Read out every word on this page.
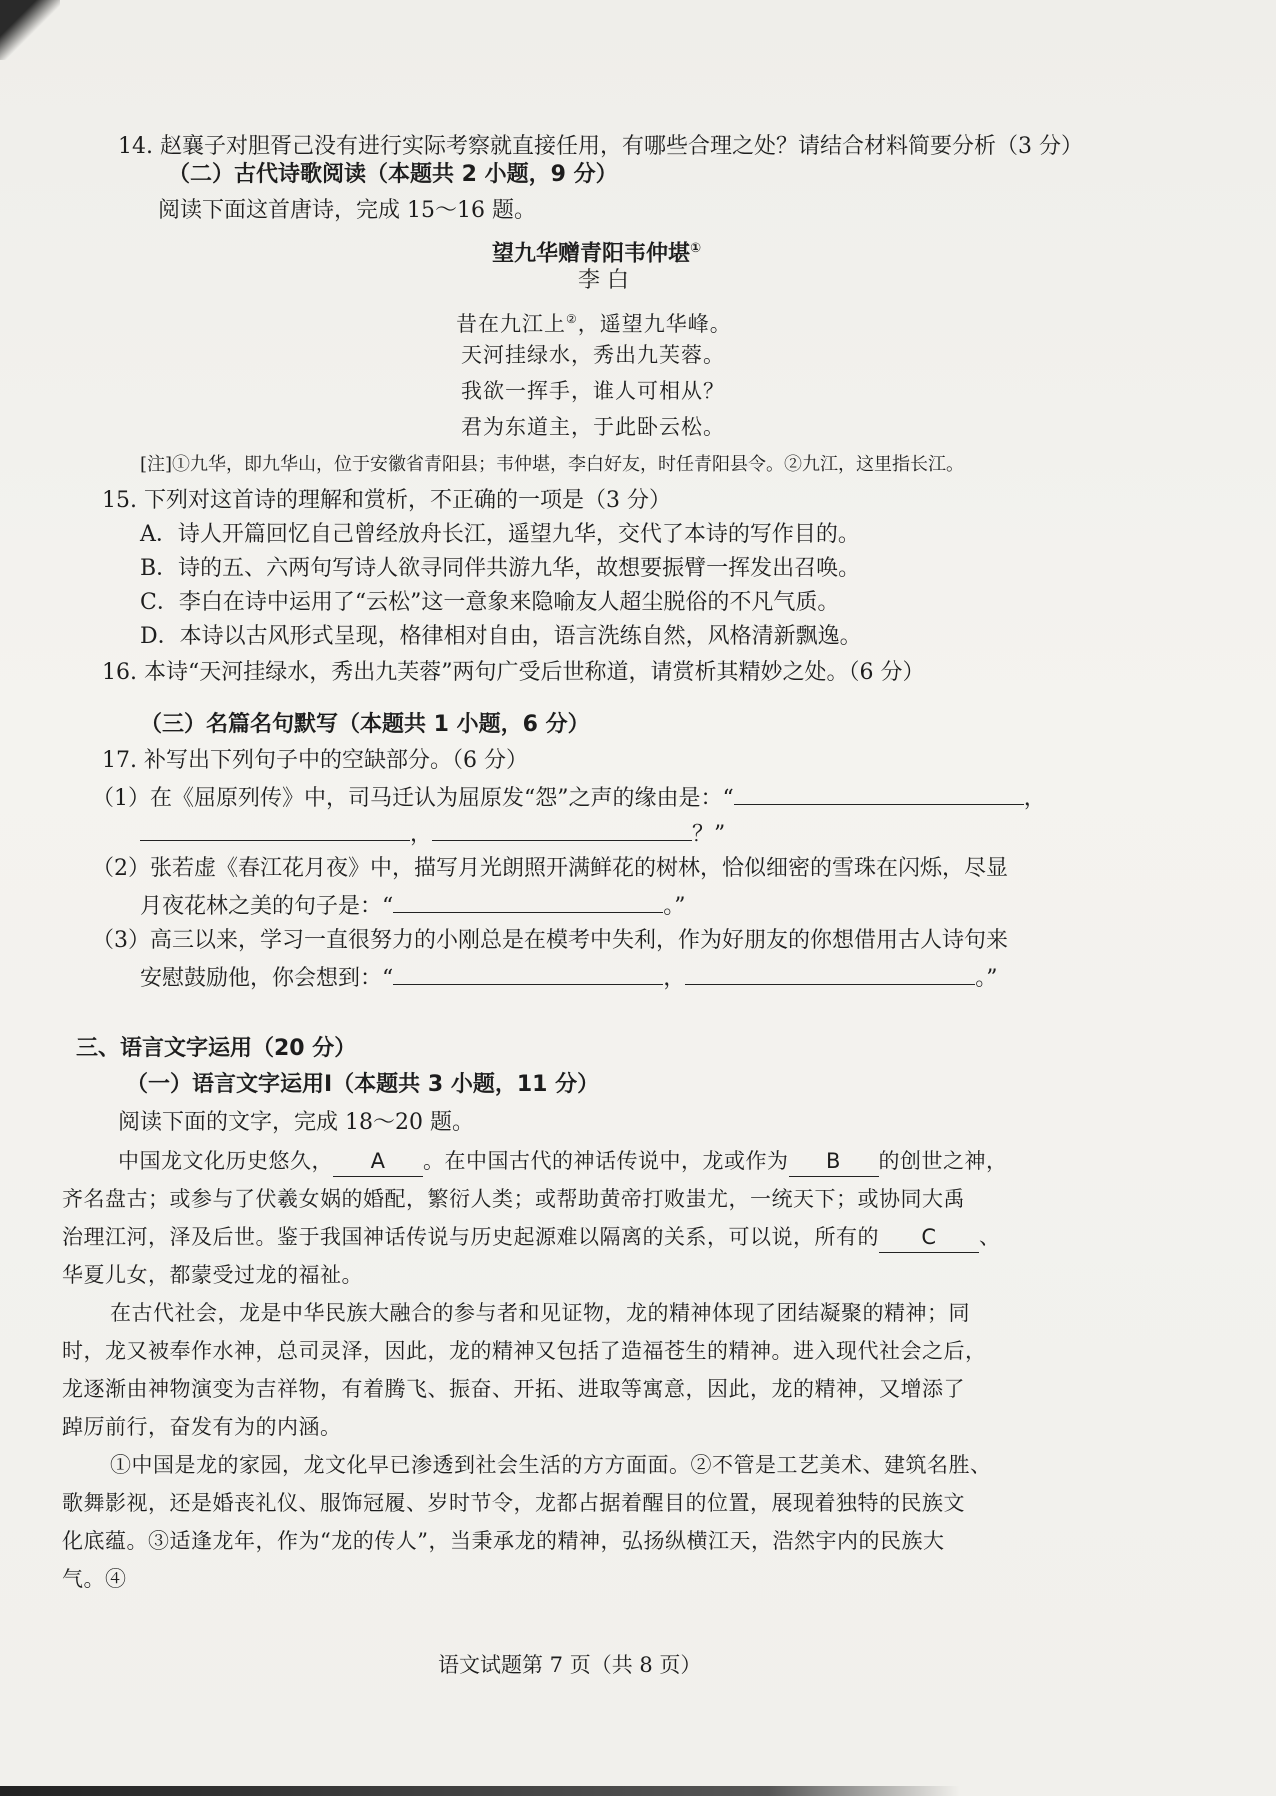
14. 赵襄子对胆胥己没有进行实际考察就直接任用，有哪些合理之处？请结合材料简要分析（3 分）
（二）古代诗歌阅读（本题共 2 小题，9 分）
阅读下面这首唐诗，完成 15～16 题。
望九华赠青阳韦仲堪①
李 白
昔在九江上②，遥望九华峰。
天河挂绿水，秀出九芙蓉。
我欲一挥手，谁人可相从？
君为东道主，于此卧云松。
[注]①九华，即九华山，位于安徽省青阳县；韦仲堪，李白好友，时任青阳县令。②九江，这里指长江。
15. 下列对这首诗的理解和赏析，不正确的一项是（3 分）
A．诗人开篇回忆自己曾经放舟长江，遥望九华，交代了本诗的写作目的。
B．诗的五、六两句写诗人欲寻同伴共游九华，故想要振臂一挥发出召唤。
C．李白在诗中运用了“云松”这一意象来隐喻友人超尘脱俗的不凡气质。
D．本诗以古风形式呈现，格律相对自由，语言洗练自然，风格清新飘逸。
16. 本诗“天河挂绿水，秀出九芙蓉”两句广受后世称道，请赏析其精妙之处。（6 分）
（三）名篇名句默写（本题共 1 小题，6 分）
17. 补写出下列句子中的空缺部分。（6 分）
（1）在《屈原列传》中，司马迁认为屈原发“怨”之声的缘由是：“	，
，	？”
（2）张若虚《春江花月夜》中，描写月光朗照开满鲜花的树林，恰似细密的雪珠在闪烁，尽显
月夜花林之美的句子是：“	。”
（3）高三以来，学习一直很努力的小刚总是在模考中失利，作为好朋友的你想借用古人诗句来
安慰鼓励他，你会想到：“	，	。”
三、语言文字运用（20 分）
（一）语言文字运用Ⅰ（本题共 3 小题，11 分）
阅读下面的文字，完成 18～20 题。
中国龙文化历史悠久， A 。在中国古代的神话传说中，龙或作为 B 的创世之神，
齐名盘古；或参与了伏羲女娲的婚配，繁衍人类；或帮助黄帝打败蚩尤，一统天下；或协同大禹
治理江河，泽及后世。鉴于我国神话传说与历史起源难以隔离的关系，可以说，所有的 C 、
华夏儿女，都蒙受过龙的福祉。
在古代社会，龙是中华民族大融合的参与者和见证物，龙的精神体现了团结凝聚的精神；同
时，龙又被奉作水神，总司灵泽，因此，龙的精神又包括了造福苍生的精神。进入现代社会之后，
龙逐渐由神物演变为吉祥物，有着腾飞、振奋、开拓、进取等寓意，因此，龙的精神，又增添了
踔厉前行，奋发有为的内涵。
①中国是龙的家园，龙文化早已渗透到社会生活的方方面面。②不管是工艺美术、建筑名胜、
歌舞影视，还是婚丧礼仪、服饰冠履、岁时节令，龙都占据着醒目的位置，展现着独特的民族文
化底蕴。③适逢龙年，作为“龙的传人”，当秉承龙的精神，弘扬纵横江天，浩然宇内的民族大
气。④
语文试题第 7 页（共 8 页）
